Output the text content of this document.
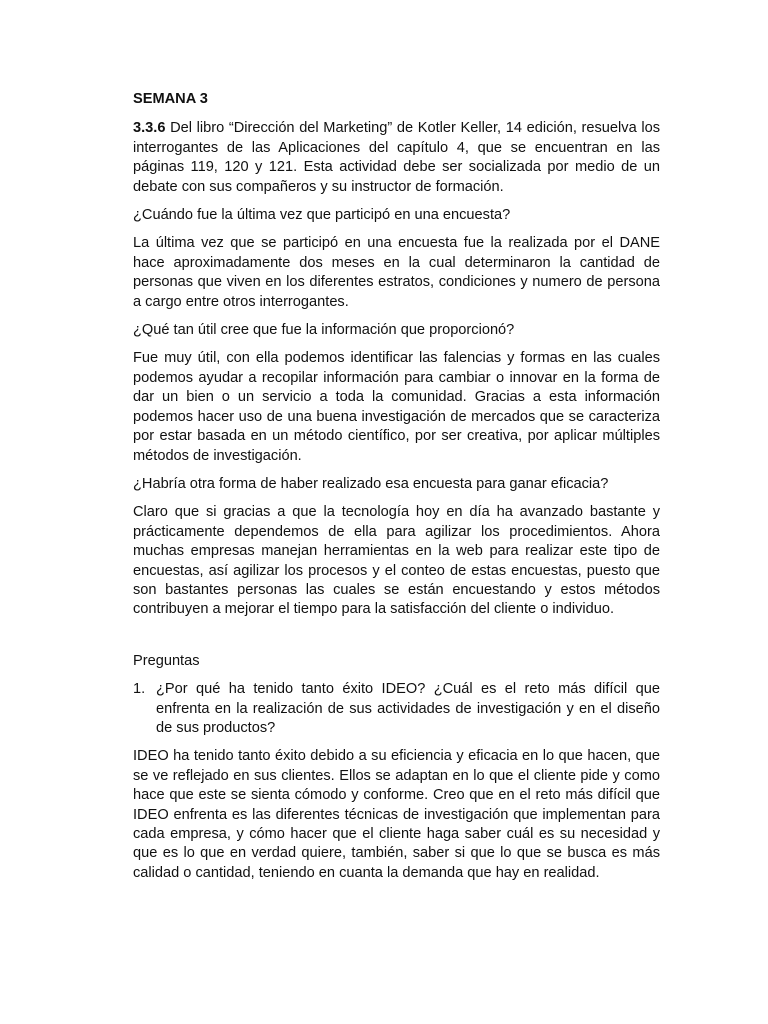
SEMANA 3

3.3.6 Del libro “Dirección del Marketing” de Kotler Keller, 14 edición, resuelva los interrogantes de las Aplicaciones del capítulo 4, que se encuentran en las páginas 119, 120 y 121. Esta actividad debe ser socializada por medio de un debate con sus compañeros y su instructor de formación.

¿Cuándo fue la última vez que participó en una encuesta?

La última vez que se participó en una encuesta fue la realizada por el DANE hace aproximadamente dos meses en la cual determinaron la cantidad de personas que viven en los diferentes estratos, condiciones y numero de persona a cargo entre otros interrogantes.

¿Qué tan útil cree que fue la información que proporcionó?

Fue muy útil, con ella podemos identificar las falencias y formas en las cuales podemos ayudar a recopilar información para cambiar o innovar en la forma de dar un bien o un servicio a toda la comunidad. Gracias a esta información podemos hacer uso de una buena investigación de mercados que se caracteriza por estar basada en un método científico, por ser creativa, por aplicar múltiples métodos de investigación.

¿Habría otra forma de haber realizado esa encuesta para ganar eficacia?

Claro que si gracias a que la tecnología hoy en día ha avanzado bastante y prácticamente dependemos de ella para agilizar los procedimientos. Ahora muchas empresas manejan herramientas en la web para realizar este tipo de encuestas, así agilizar los procesos y el conteo de estas encuestas, puesto que son bastantes personas las cuales se están encuestando y estos métodos contribuyen a mejorar el tiempo para la satisfacción del cliente o individuo.

Preguntas
1. ¿Por qué ha tenido tanto éxito IDEO? ¿Cuál es el reto más difícil que enfrenta en la realización de sus actividades de investigación y en el diseño de sus productos?

IDEO ha tenido tanto éxito debido a su eficiencia y eficacia en lo que hacen, que se ve reflejado en sus clientes. Ellos se adaptan en lo que el cliente pide y como hace que este se sienta cómodo y conforme. Creo que en el reto más difícil que IDEO enfrenta es las diferentes técnicas de investigación que implementan para cada empresa, y cómo hacer que el cliente haga saber cuál es su necesidad y que es lo que en verdad quiere, también, saber si que lo que se busca es más calidad o cantidad, teniendo en cuanta la demanda que hay en realidad.
